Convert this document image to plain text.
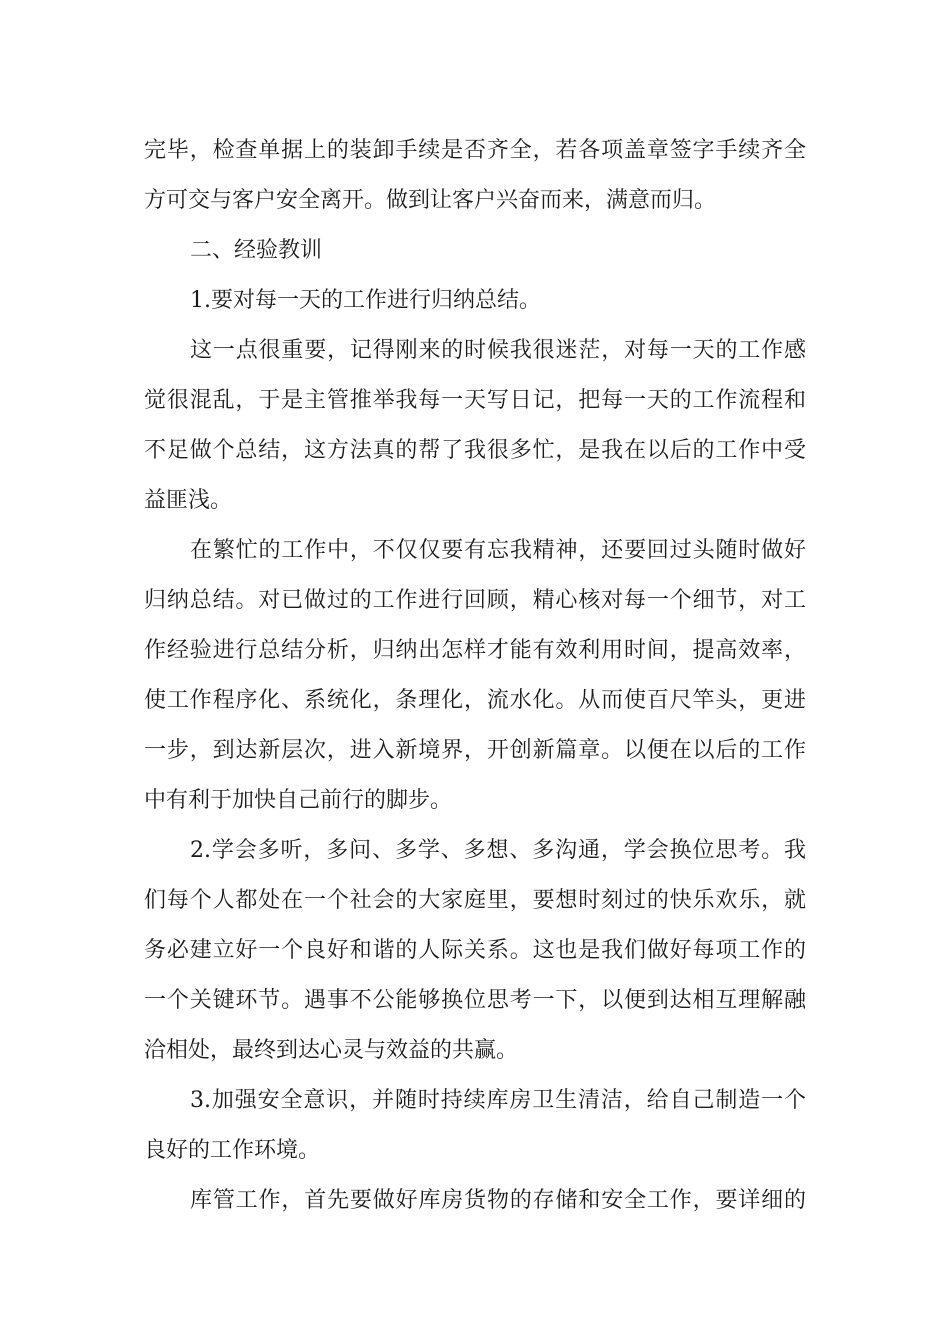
完毕，检查单据上的装卸手续是否齐全，若各项盖章签字手续齐全
方可交与客户安全离开。做到让客户兴奋而来，满意而归。
二、经验教训
1.要对每一天的工作进行归纳总结。
这一点很重要，记得刚来的时候我很迷茫，对每一天的工作感
觉很混乱，于是主管推举我每一天写日记，把每一天的工作流程和
不足做个总结，这方法真的帮了我很多忙，是我在以后的工作中受
益匪浅。
在繁忙的工作中，不仅仅要有忘我精神，还要回过头随时做好
归纳总结。对已做过的工作进行回顾，精心核对每一个细节，对工
作经验进行总结分析，归纳出怎样才能有效利用时间，提高效率，
使工作程序化、系统化，条理化，流水化。从而使百尺竿头，更进
一步，到达新层次，进入新境界，开创新篇章。以便在以后的工作
中有利于加快自己前行的脚步。
2.学会多听，多问、多学、多想、多沟通，学会换位思考。我
们每个人都处在一个社会的大家庭里，要想时刻过的快乐欢乐，就
务必建立好一个良好和谐的人际关系。这也是我们做好每项工作的
一个关键环节。遇事不公能够换位思考一下，以便到达相互理解融
洽相处，最终到达心灵与效益的共赢。
3.加强安全意识，并随时持续库房卫生清洁，给自己制造一个
良好的工作环境。
库管工作，首先要做好库房货物的存储和安全工作，要详细的
